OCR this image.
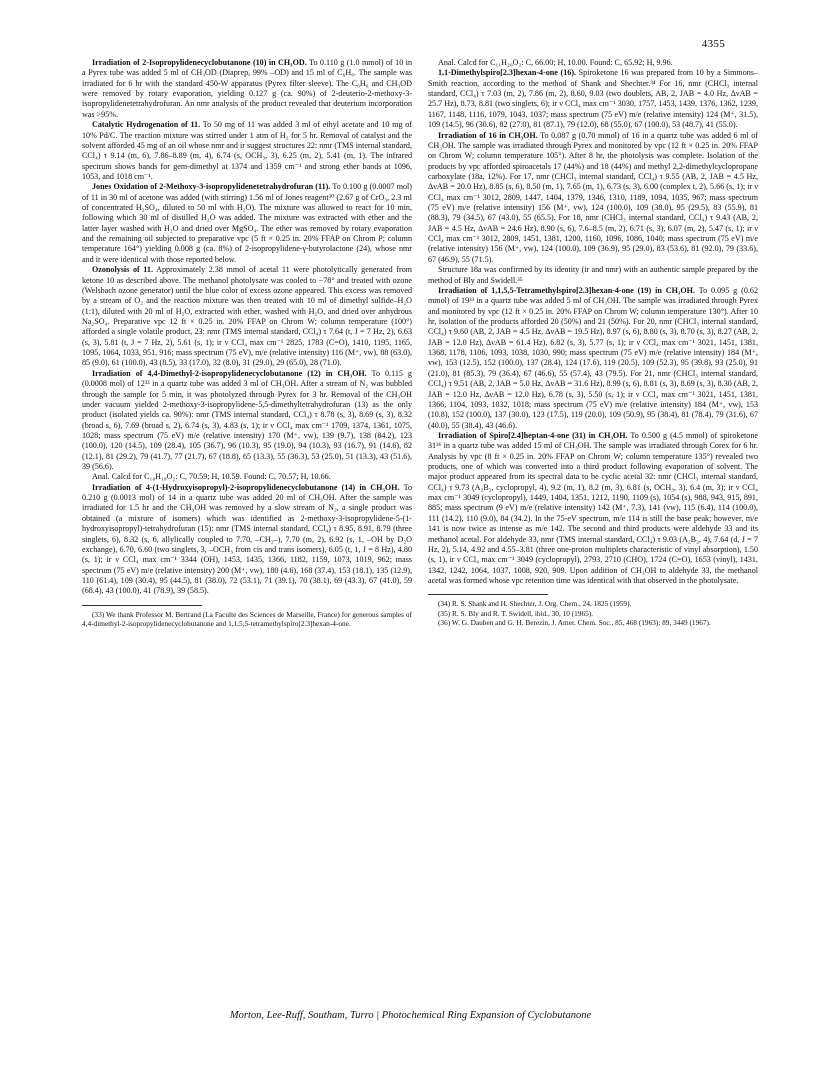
4355

Irradiation of 2-Isopropylidenecyclobutanone (10) in CH₃OD. To 0.110 g (1.0 mmol) of 10 in a Pyrex tube was added 5 ml of CH₃OD (Diaprep, 99% –OD) and 15 ml of C₆H₆. The sample was irradiated for 6 hr with the standard 450-W apparatus (Pyrex filter sleeve). The C₆H₆ and CH₃OD were removed by rotary evaporation, yielding 0.127 g (ca. 90%) of 2-deuterio-2-methoxy-3-isopropylidenetetrahydrofuran. An nmr analysis of the product revealed that deuterium incorporation was >95%.

Catalytic Hydrogenation of 11. To 50 mg of 11 was added 3 ml of ethyl acetate and 10 mg of 10% Pd/C. The reaction mixture was stirred under 1 atm of H₂ for 5 hr. Removal of catalyst and the solvent afforded 45 mg of an oil whose nmr and ir suggest structures 22: nmr (TMS internal standard, CCl₄) τ 9.14 (m, 6), 7.86–8.89 (m, 4), 6.74 (s, OCH₃, 3), 6.25 (m, 2), 5.41 (m, 1). The infrared spectrum shows bands for gem-dimethyl at 1374 and 1359 cm⁻¹ and strong ether bands at 1096, 1053, and 1018 cm⁻¹.

Jones Oxidation of 2-Methoxy-3-isopropylidenetetrahydrofuran (11). To 0.100 g (0.0007 mol) of 11 in 30 ml of acetone was added (with stirring) 1.56 ml of Jones reagent³⁰ (2.67 g of CrO₃, 2.3 ml of concentrated H₂SO₄, diluted to 50 ml with H₂O). The mixture was allowed to react for 10 min, following which 30 ml of distilled H₂O was added. The mixture was extracted with ether and the latter layer washed with H₂O and dried over MgSO₄. The ether was removed by rotary evaporation and the remaining oil subjected to preparative vpc (5 ft × 0.25 in. 20% FFAP on Chrom P; column temperature 164°) yielding 0.008 g (ca. 8%) of 2-isopropylidene-γ-butyrolactone (24), whose nmr and ir were identical with those reported below.

Ozonolysis of 11. Approximately 2.38 mmol of acetal 11 were photolytically generated from ketone 10 as described above. The methanol photolysate was cooled to −78° and treated with ozone (Welsbach ozone generator) until the blue color of excess ozone appeared. This excess was removed by a stream of O₂ and the reaction mixture was then treated with 10 ml of dimethyl sulfide–H₂O (1:1), diluted with 20 ml of H₂O, extracted with ether, washed with H₂O, and dried over anhydrous Na₂SO₄. Preparative vpc 12 ft × 0.25 in. 20% FFAP on Chrom W; column temperature (100°) afforded a single volatile product, 23: nmr (TMS internal standard, CCl₄) τ 7.64 (t, J = 7 Hz, 2), 6.63 (s, 3), 5.81 (t, J = 7 Hz, 2), 5.61 (s, 1); ir ν CCl₄ max cm⁻¹ 2825, 1783 (C=O), 1410, 1195, 1165, 1095, 1064, 1033, 951, 916; mass spectrum (75 eV), m/e (relative intensity) 116 (M⁺, vw), 88 (63.0), 85 (9.0), 61 (100.0), 43 (8.5), 33 (17.0), 32 (8.0), 31 (29.0), 29 (65.0), 28 (71.0).

Irradiation of 4,4-Dimethyl-2-isopropylidenecyclobutanone (12) in CH₃OH. To 0.115 g (0.0008 mol) of 12³³ in a quartz tube was added 3 ml of CH₃OH. After a stream of N₂ was bubbled through the sample for 5 min, it was photolyzed through Pyrex for 3 hr. Removal of the CH₃OH under vacuum yielded 2-methoxy-3-isopropylidene-5,5-dimethyltetrahydrofuran (13) as the only product (isolated yields ca. 90%): nmr (TMS internal standard, CCl₄) τ 8.78 (s, 3), 8.69 (s, 3), 8.32 (broad s, 6), 7.69 (broad s, 2), 6.74 (s, 3), 4.83 (s, 1); ir ν CCl₄ max cm⁻¹ 1709, 1374, 1361, 1075, 1028; mass spectrum (75 eV) m/e (relative intensity) 170 (M⁺, vw), 139 (9.7), 138 (84.2), 123 (100.0), 120 (14.5), 109 (28.4), 105 (36.7), 96 (10.3), 95 (19.0), 94 (10.3), 93 (16.7), 91 (14.6), 82 (12.1), 81 (29.2), 79 (41.7), 77 (21.7), 67 (18.8), 65 (13.3), 55 (36.3), 53 (25.0), 51 (13.3), 43 (51.6), 39 (56.6).

Anal. Calcd for C₁₀H₁₈O₂: C, 70.59; H, 10.59. Found: C, 70.57; H, 10.66.

Irradiation of 4-(1-Hydroxyisopropyl)-2-isopropylidenecyclobutanone (14) in CH₃OH. To 0.210 g (0.0013 mol) of 14 in a quartz tube was added 20 ml of CH₃OH. After the sample was irradiated for 1.5 hr and the CH₃OH was removed by a slow stream of N₂, a single product was obtained (a mixture of isomers) which was identified as 2-methoxy-3-isopropylidene-5-(1-hydroxyisopropyl)-tetrahydrofuran (15): nmr (TMS internal standard, CCl₄) τ 8.95, 8.91, 8.79 (three singlets, 6), 8.32 (s, 6, allylically coupled to 7.70, –CH₂–), 7.70 (m, 2), 6.92 (s, 1, –OH by D₂O exchange), 6.70, 6.60 (two singlets, 3, –OCH₃ from cis and trans isomers), 6.05 (t, 1, J = 8 Hz), 4.80 (s, 1); ir ν CCl₄ max cm⁻¹ 3344 (OH), 1453, 1435, 1366, 1182, 1159, 1073, 1019, 962; mass spectrum (75 eV) m/e (relative intensity) 200 (M⁺, vw), 180 (4.6), 168 (37.4), 153 (18.1), 135 (12.9), 110 (61.4), 109 (30.4), 95 (44.5), 81 (38.0), 72 (53.1), 71 (39.1), 70 (38.1), 69 (43.3), 67 (41.0), 59 (68.4), 43 (100.0), 41 (78.9), 39 (58.5).

(33) We thank Professor M. Bertrand (La Faculte des Sciences de Marseille, France) for generous samples of 4,4-dimethyl-2-isopropylidenecyclobutanone and 1,1,5,5-tetramethylspiro[2.3]hexan-4-one.

Anal. Calcd for C₁₁H₂₀O₂: C, 66.00; H, 10.00. Found: C, 65.92; H, 9.96.

1,1-Dimethylspiro[2.3]hexan-4-one (16). Spiroketone 16 was prepared from 10 by a Simmons–Smith reaction, according to the method of Shank and Shechter.³⁴ For 16, nmr (CHCl₃ internal standard, CCl₄) τ 7.03 (m, 2), 7.86 (m, 2), 8.60, 9.03 (two doublets, AB, 2, JAB = 4.0 Hz, ΔνAB = 25.7 Hz), 8.73, 8.81 (two singlets, 6); ir ν CCl₄ max cm⁻¹ 3030, 1757, 1453, 1439, 1376, 1362, 1239, 1167, 1148, 1116, 1079, 1043, 1037; mass spectrum (75 eV) m/e (relative intensity) 124 (M⁺, 31.5), 109 (14.5), 96 (30.6), 82 (27.0), 81 (87.1), 79 (12.0), 68 (55.0), 67 (100.0), 53 (48.7), 41 (55.0).

Irradiation of 16 in CH₃OH. To 0.087 g (0.70 mmol) of 16 in a quartz tube was added 6 ml of CH₃OH. The sample was irradiated through Pyrex and monitored by vpc (12 ft × 0.25 in. 20% FFAP on Chrom W; column temperature 105°). After 8 hr, the photolysis was complete. Isolation of the products by vpc afforded spiroacetals 17 (44%) and 18 (44%) and methyl 2,2-dimethylcyclopropane carboxylate (18a, 12%). For 17, nmr (CHCl₃ internal standard, CCl₄) τ 9.55 (AB, 2, JAB = 4.5 Hz, ΔνAB = 20.0 Hz), 8.85 (s, 6), 8.50 (m, 1), 7.65 (m, 1), 6.73 (s, 3), 6.00 (complex t, 2), 5.66 (s, 1); ir ν CCl₄ max cm⁻¹ 3012, 2809, 1447, 1404, 1379, 1346, 1310, 1189, 1094, 1035, 967; mass spectrum (75 eV) m/e (relative intensity) 156 (M⁺, vw), 124 (100.0), 109 (38.0), 95 (29.5), 83 (55.9), 81 (88.3), 79 (34.5), 67 (43.0), 55 (65.5). For 18, nmr (CHCl₃ internal standard, CCl₄) τ 9.43 (AB, 2, JAB = 4.5 Hz, ΔνAB = 24.6 Hz), 8.90 (s, 6), 7.6–8.5 (m, 2), 6.71 (s, 3), 6.07 (m, 2), 5.47 (s, 1); ir ν CCl₄ max cm⁻¹ 3012, 2809, 1451, 1381, 1200, 1160, 1096, 1086, 1040; mass spectrum (75 eV) m/e (relative intensity) 156 (M⁺, vw), 124 (100.0), 109 (36.9), 95 (29.0), 83 (53.6), 81 (92.0), 79 (33.6), 67 (46.9), 55 (71.5).

Structure 18a was confirmed by its identity (ir and nmr) with an authentic sample prepared by the method of Bly and Swidell.³⁵

Irradiation of 1,1,5,5-Tetramethylspiro[2.3]hexan-4-one (19) in CH₃OH. To 0.095 g (0.62 mmol) of 19³³ in a quartz tube was added 5 ml of CH₃OH. The sample was irradiated through Pyrex and monitored by vpc (12 ft × 0.25 in. 20% FFAP on Chrom W; column temperature 130°). After 10 hr, isolation of the products afforded 20 (50%) and 21 (50%). For 20, nmr (CHCl₃ internal standard, CCl₄) τ 9.60 (AB, 2, JAB = 4.5 Hz, ΔνAB = 19.5 Hz), 8.97 (s, 6), 8.80 (s, 3), 8.70 (s, 3), 8.27 (AB, 2, JAB = 12.0 Hz), ΔνAB = 61.4 Hz), 6.82 (s, 3), 5.77 (s, 1); ir ν CCl₄ max cm⁻¹ 3021, 1451, 1381, 1368, 1178, 1106, 1093, 1038, 1030, 990; mass spectrum (75 eV) m/e (relative intensity) 184 (M⁺, vw), 153 (12.5), 152 (100.0), 137 (28.4), 124 (17.6), 119 (20.5), 109 (52.3), 95 (39.8), 93 (25.0), 91 (21.0), 81 (85.3), 79 (36.4), 67 (46.6), 55 (57.4), 43 (79.5). For 21, nmr (CHCl₃ internal standard, CCl₄) τ 9.51 (AB, 2, JAB = 5.0 Hz, ΔνAB = 31.6 Hz), 8.99 (s, 6), 8.81 (s, 3), 8.69 (s, 3), 8.30 (AB, 2, JAB = 12.0 Hz, ΔνAB = 12.0 Hz), 6.78 (s, 3), 5.50 (s, 1); ir ν CCl₄ max cm⁻¹ 3021, 1451, 1381, 1366, 1104, 1093, 1032, 1018; mass spectrum (75 eV) m/e (relative intensity) 184 (M⁺, vw), 153 (10.8), 152 (100.0), 137 (30.0), 123 (17.5), 119 (20.0), 109 (50.9), 95 (38.4), 81 (78.4), 79 (31.6), 67 (40.0), 55 (38.4), 43 (46.6).

Irradiation of Spiro[2.4]heptan-4-one (31) in CH₃OH. To 0.500 g (4.5 mmol) of spiroketone 31³⁶ in a quartz tube was added 15 ml of CH₃OH. The sample was irradiated through Corex for 6 hr. Analysis by vpc (8 ft × 0.25 in. 20% FFAP on Chrom W; column temperature 135°) revealed two products, one of which was converted into a third product following evaporation of solvent. The major product appeared from its spectral data to be cyclic acetal 32: nmr (CHCl₃ internal standard, CCl₄) τ 9.73 (A₂B₂, cyclopropyl, 4), 9.2 (m, 1), 8.2 (m, 3), 6.81 (s, OCH₃, 3), 6.4 (m, 3); ir ν CCl₄ max cm⁻¹ 3049 (cyclopropyl), 1449, 1404, 1351, 1212, 1190, 1109 (s), 1054 (s), 988, 943, 915, 891, 885; mass spectrum (9 eV) m/e (relative intensity) 142 (M⁺, 7.3), 141 (vw), 115 (6.4), 114 (100.0), 111 (14.2), 110 (9.0), 84 (34.2). In the 75-eV spectrum, m/e 114 is still the base peak; however, m/e 141 is now twice as intense as m/e 142. The second and third products were aldehyde 33 and its methanol acetal. For aldehyde 33, nmr (TMS internal standard, CCl₄) τ 9.03 (A₂B₂, 4), 7.64 (d, J = 7 Hz, 2), 5.14, 4.92 and 4.55–3.81 (three one-proton multiplets characteristic of vinyl absorption), 1.50 (s, 1), ir ν CCl₄ max cm⁻¹ 3049 (cyclopropyl), 2793, 2710 (CHO), 1724 (C=O), 1653 (vinyl), 1431, 1342, 1242, 1064, 1037, 1008, 920, 909. Upon addition of CH₃OH to aldehyde 33, the methanol acetal was formed whose vpc retention time was identical with that observed in the photolysate.

(34) R. S. Shank and H. Shechter, J. Org. Chem., 24, 1825 (1959).
(35) R. S. Bly and R. T. Swidell, ibid., 30, 10 (1965).
(36) W. G. Dauben and G. H. Berezin, J. Amer. Chem. Soc., 85, 468 (1963); 89, 3449 (1967).
Morton, Lee-Ruff, Southam, Turro | Photochemical Ring Expansion of Cyclobutanone
